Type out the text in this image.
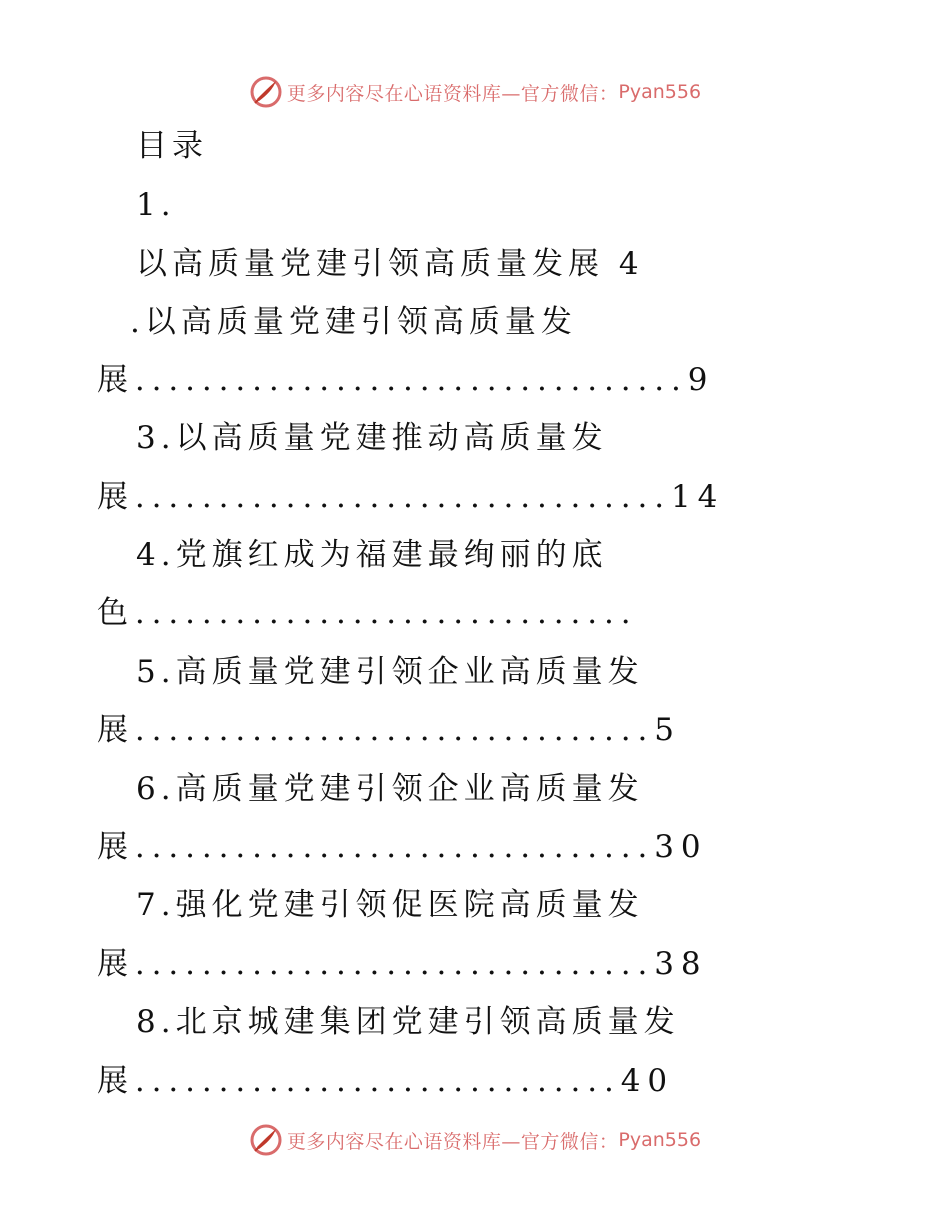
更多内容尽在心语资料库—官方微信： Pyan556
目录
1.
以高质量党建引领高质量发展 4
.以高质量党建引领高质量发
展.................................9
3.以高质量党建推动高质量发
展................................14
4.党旗红成为福建最绚丽的底
色..............................
5.高质量党建引领企业高质量发
展...............................5
6.高质量党建引领企业高质量发
展...............................30
7.强化党建引领促医院高质量发
展...............................38
8.北京城建集团党建引领高质量发
展.............................40
更多内容尽在心语资料库—官方微信： Pyan556
